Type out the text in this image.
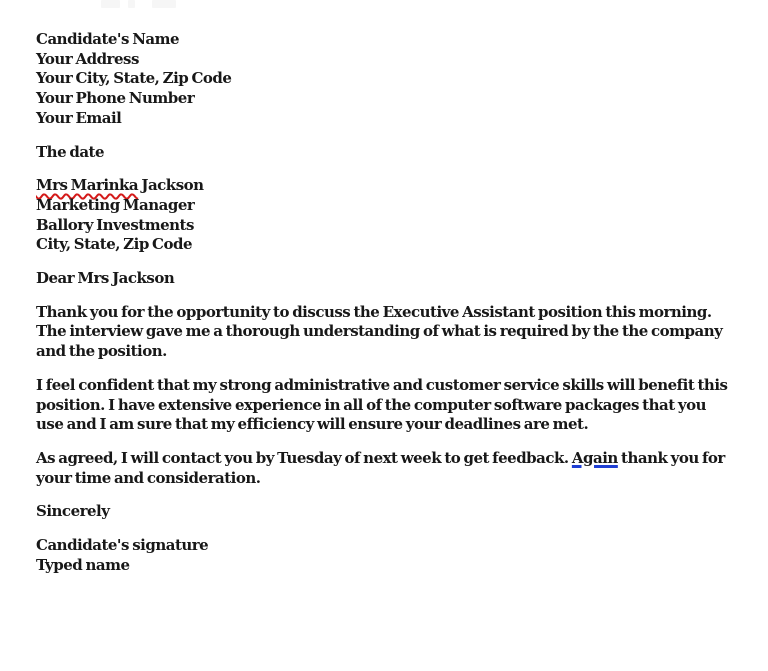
Candidate's Name
Your Address
Your City, State, Zip Code
Your Phone Number
Your Email
The date
Mrs Marinka Jackson
Marketing Manager
Ballory Investments
City, State, Zip Code
Dear Mrs Jackson

Thank you for the opportunity to discuss the Executive Assistant position this morning. The interview gave me a thorough understanding of what is required by the the company and the position.

I feel confident that my strong administrative and customer service skills will benefit this position. I have extensive experience in all of the computer software packages that you use and I am sure that my efficiency will ensure your deadlines are met.

As agreed, I will contact you by Tuesday of next week to get feedback. Again thank you for your time and consideration.

Sincerely
Candidate's signature
Typed name
